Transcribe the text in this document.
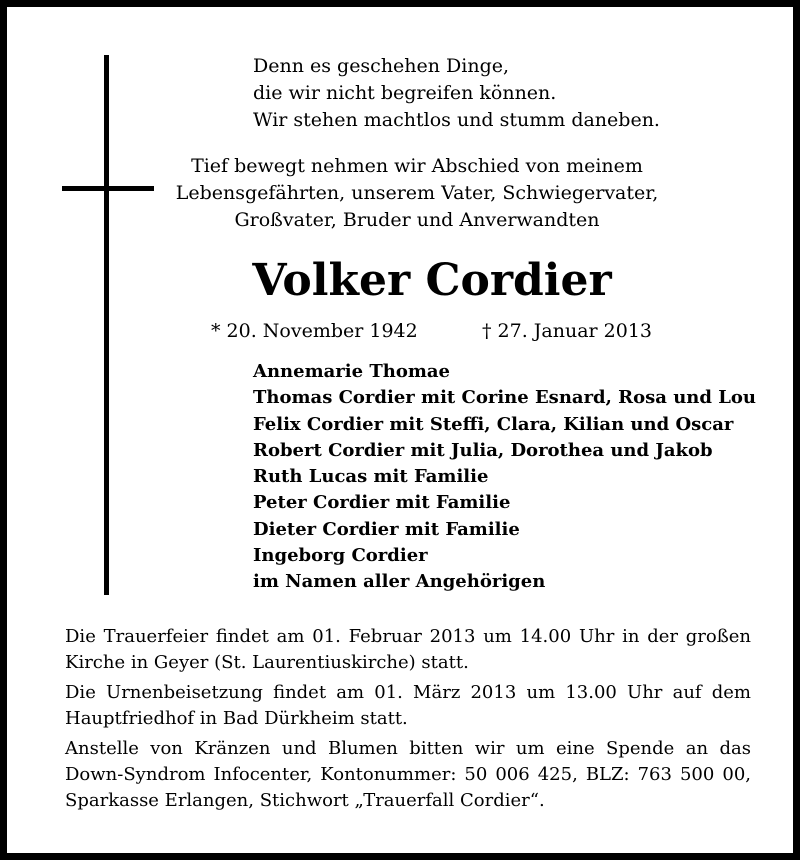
Denn es geschehen Dinge,
die wir nicht begreifen können.
Wir stehen machtlos und stumm daneben.
Tief bewegt nehmen wir Abschied von meinem
Lebensgefährten, unserem Vater, Schwiegervater,
Großvater, Bruder und Anverwandten
Volker Cordier
* 20. November 1942	† 27. Januar 2013
Annemarie Thomae
Thomas Cordier mit Corine Esnard, Rosa und Lou
Felix Cordier mit Steffi, Clara, Kilian und Oscar
Robert Cordier mit Julia, Dorothea und Jakob
Ruth Lucas mit Familie
Peter Cordier mit Familie
Dieter Cordier mit Familie
Ingeborg Cordier
im Namen aller Angehörigen

Die Trauerfeier findet am 01. Februar 2013 um 14.00 Uhr in der großen Kirche in Geyer (St. Laurentiuskirche) statt.

Die Urnenbeisetzung findet am 01. März 2013 um 13.00 Uhr auf dem Hauptfriedhof in Bad Dürkheim statt.

Anstelle von Kränzen und Blumen bitten wir um eine Spende an das Down-Syndrom Infocenter, Kontonummer: 50 006 425, BLZ: 763 500 00, Sparkasse Erlangen, Stichwort „Trauerfall Cordier“.
